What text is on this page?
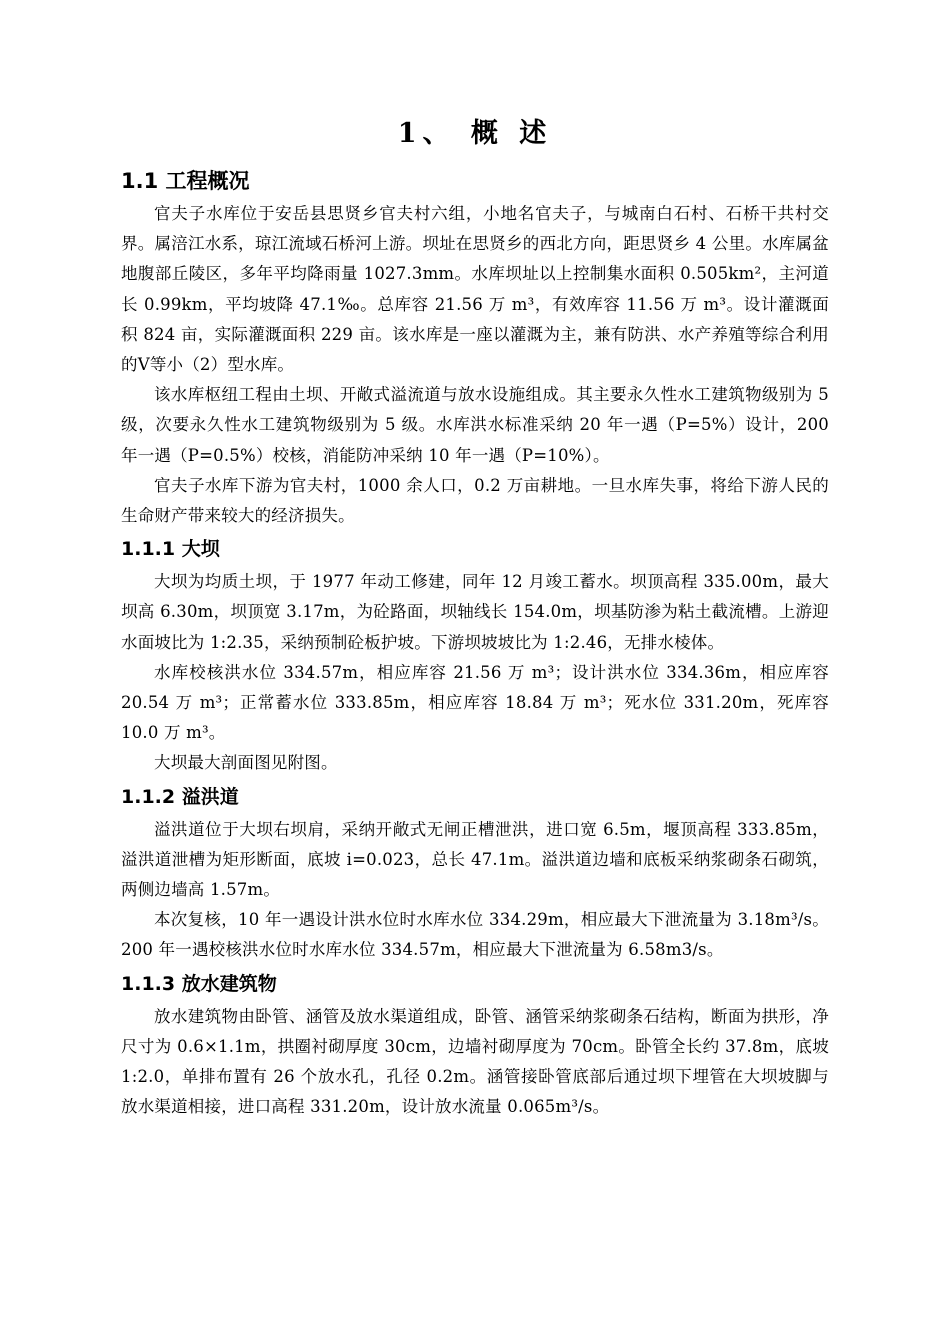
1、 概 述
1.1 工程概况

官夫子水库位于安岳县思贤乡官夫村六组，小地名官夫子，与城南白石村、石桥干共村交界。属涪江水系，琼江流域石桥河上游。坝址在思贤乡的西北方向，距思贤乡 4 公里。水库属盆地腹部丘陵区，多年平均降雨量 1027.3mm。水库坝址以上控制集水面积 0.505km²，主河道长 0.99km，平均坡降 47.1‰。总库容 21.56 万 m³，有效库容 11.56 万 m³。设计灌溉面积 824 亩，实际灌溉面积 229 亩。该水库是一座以灌溉为主，兼有防洪、水产养殖等综合利用的Ⅴ等小（2）型水库。

该水库枢纽工程由土坝、开敞式溢流道与放水设施组成。其主要永久性水工建筑物级别为 5 级，次要永久性水工建筑物级别为 5 级。水库洪水标准采纳 20 年一遇（P=5%）设计，200 年一遇（P=0.5%）校核，消能防冲采纳 10 年一遇（P=10%）。

官夫子水库下游为官夫村，1000 余人口，0.2 万亩耕地。一旦水库失事，将给下游人民的生命财产带来较大的经济损失。

1.1.1 大坝

大坝为均质土坝，于 1977 年动工修建，同年 12 月竣工蓄水。坝顶高程 335.00m，最大坝高 6.30m，坝顶宽 3.17m，为砼路面，坝轴线长 154.0m，坝基防渗为粘土截流槽。上游迎水面坡比为 1:2.35，采纳预制砼板护坡。下游坝坡坡比为 1:2.46，无排水棱体。

水库校核洪水位 334.57m，相应库容 21.56 万 m³；设计洪水位 334.36m，相应库容 20.54 万 m³；正常蓄水位 333.85m，相应库容 18.84 万 m³；死水位 331.20m，死库容 10.0 万 m³。

大坝最大剖面图见附图。

1.1.2 溢洪道

溢洪道位于大坝右坝肩，采纳开敞式无闸正槽泄洪，进口宽 6.5m，堰顶高程 333.85m，溢洪道泄槽为矩形断面，底坡 i=0.023，总长 47.1m。溢洪道边墙和底板采纳浆砌条石砌筑，两侧边墙高 1.57m。

本次复核，10 年一遇设计洪水位时水库水位 334.29m，相应最大下泄流量为 3.18m³/s。200 年一遇校核洪水位时水库水位 334.57m，相应最大下泄流量为 6.58m3/s。

1.1.3 放水建筑物

放水建筑物由卧管、涵管及放水渠道组成，卧管、涵管采纳浆砌条石结构，断面为拱形，净尺寸为 0.6×1.1m，拱圈衬砌厚度 30cm，边墙衬砌厚度为 70cm。卧管全长约 37.8m，底坡 1:2.0，单排布置有 26 个放水孔，孔径 0.2m。涵管接卧管底部后通过坝下埋管在大坝坡脚与放水渠道相接，进口高程 331.20m，设计放水流量 0.065m³/s。
